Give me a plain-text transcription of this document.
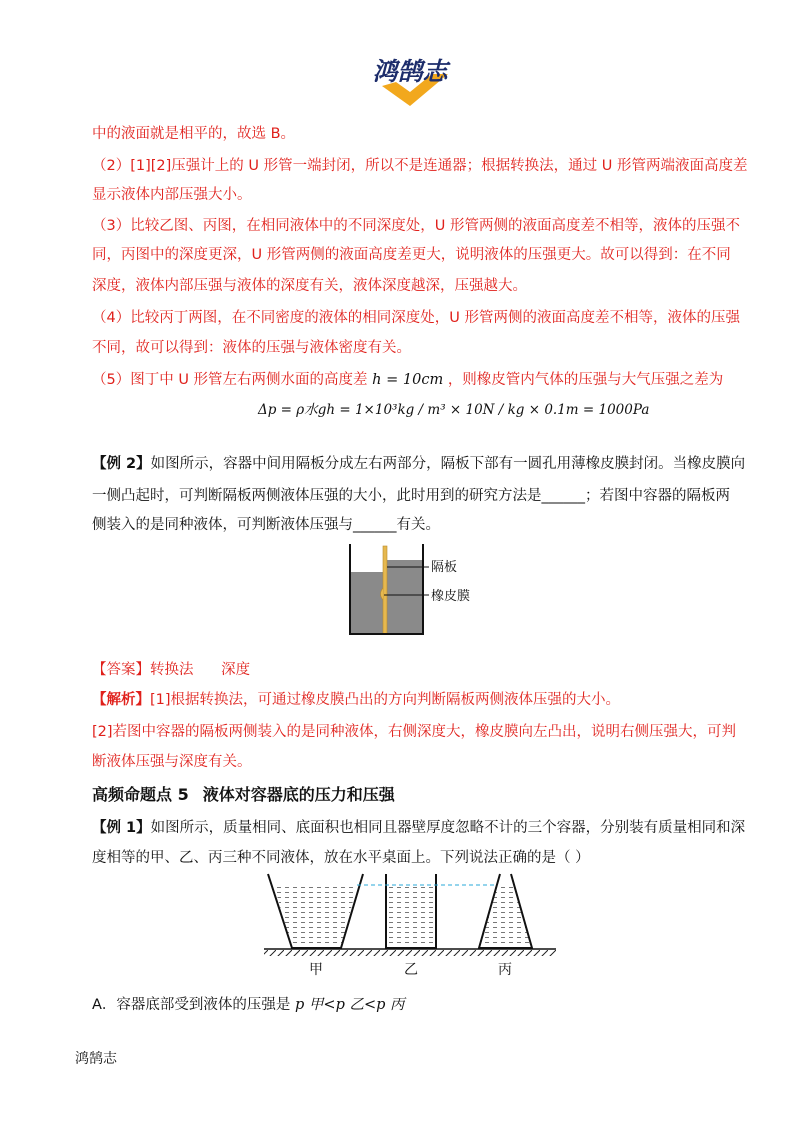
鸿鹄志
中的液面就是相平的，故选 B。
（2）[1][2]压强计上的 U 形管一端封闭，所以不是连通器；根据转换法，通过 U 形管两端液面高度差
显示液体内部压强大小。
（3）比较乙图、丙图，在相同液体中的不同深度处，U 形管两侧的液面高度差不相等，液体的压强不
同，丙图中的深度更深，U 形管两侧的液面高度差更大，说明液体的压强更大。故可以得到：在不同
深度，液体内部压强与液体的深度有关，液体深度越深，压强越大。
（4）比较丙丁两图，在不同密度的液体的相同深度处，U 形管两侧的液面高度差不相等，液体的压强
不同，故可以得到：液体的压强与液体密度有关。
（5）图丁中 U 形管左右两侧水面的高度差 h = 10cm ，则橡皮管内气体的压强与大气压强之差为
Δp = ρ水gh = 1×10³kg / m³ × 10N / kg × 0.1m = 1000Pa
【例 2】如图所示，容器中间用隔板分成左右两部分，隔板下部有一圆孔用薄橡皮膜封闭。当橡皮膜向
一侧凸起时，可判断隔板两侧液体压强的大小，此时用到的研究方法是______；若图中容器的隔板两
侧装入的是同种液体，可判断液体压强与______有关。
隔板
橡皮膜
【答案】转换法      深度
【解析】[1]根据转换法，可通过橡皮膜凸出的方向判断隔板两侧液体压强的大小。
[2]若图中容器的隔板两侧装入的是同种液体，右侧深度大，橡皮膜向左凸出，说明右侧压强大，可判
断液体压强与深度有关。
高频命题点 5 液体对容器底的压力和压强
【例 1】如图所示，质量相同、底面积也相同且器壁厚度忽略不计的三个容器，分别装有质量相同和深
度相等的甲、乙、丙三种不同液体，放在水平桌面上。下列说法正确的是（ ）
甲	乙	丙
A．容器底部受到液体的压强是 p 甲<p 乙<p 丙
鸿鹄志
